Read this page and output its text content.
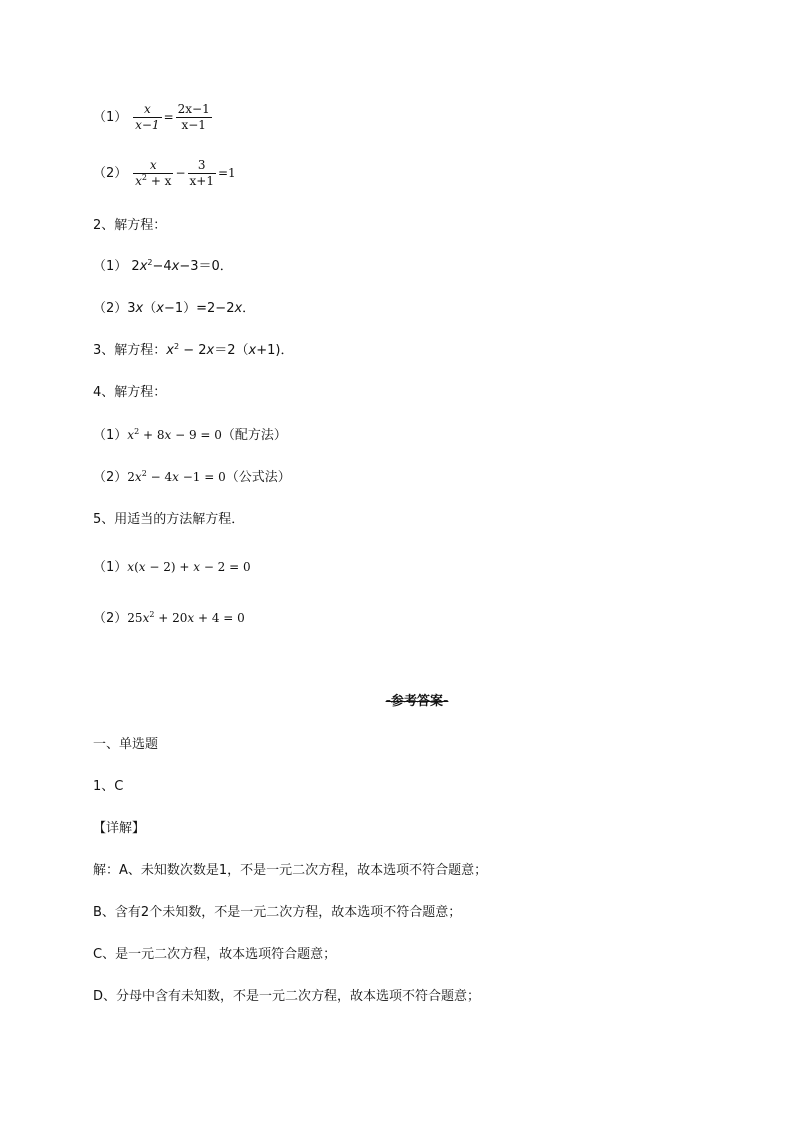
$(1) \frac{x}{x-1} = \frac{2x-1}{x-1}$
$(2) \frac{x}{x^2 + x} - \frac{3}{x+1} =1$
2、解方程：
（1） $2x^2-4x-3=0$．
（2）3x（x−1）=2−2x．
3、解方程：$x^2 - 2x=2(x+1)$．
4、解方程：
$(1)x^2 + 8x - 9 = 0$（配方法）
$(2)2x^2 - 4x -1 = 0$（公式法）
5、用适当的方法解方程．
（1）x(x − 2) + x − 2 = 0
$(2)25x^2 + 20x + 4 = 0$
-参考答案-
一、单选题
1、C
【详解】
解：A、未知数次数是1，不是一元二次方程，故本选项不符合题意；
B、含有2个未知数，不是一元二次方程，故本选项不符合题意；
C、是一元二次方程，故本选项符合题意；
D、分母中含有未知数，不是一元二次方程，故本选项不符合题意；
